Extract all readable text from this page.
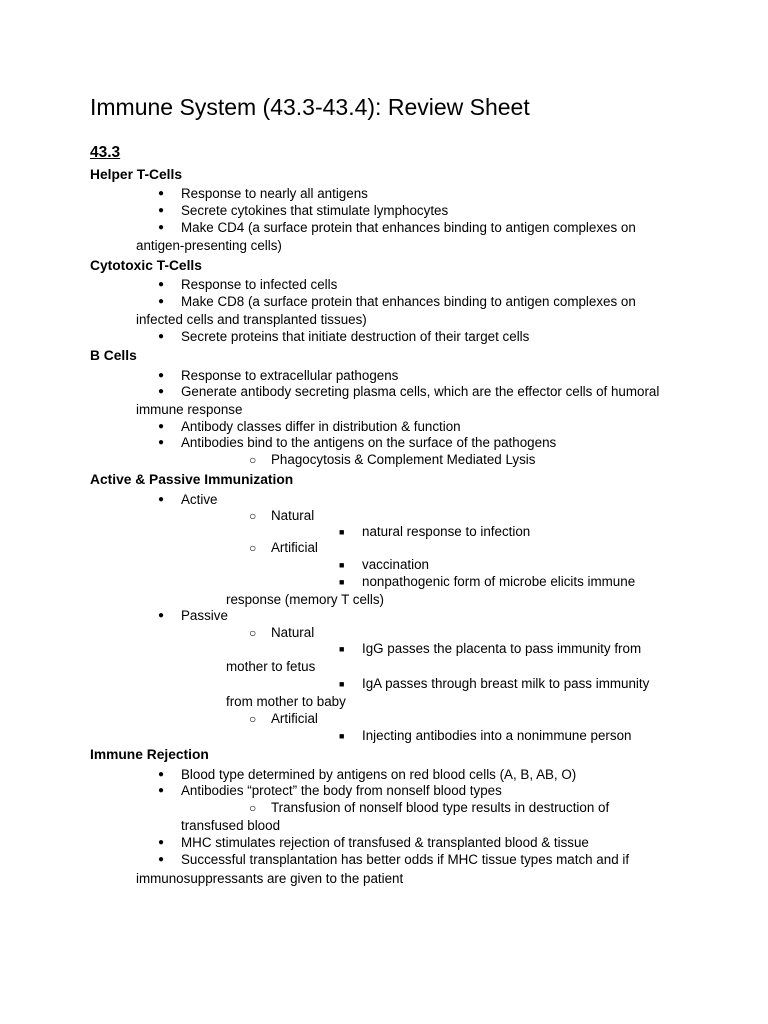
Immune System (43.3-43.4): Review Sheet
43.3
Helper T-Cells
● Response to nearly all antigens
● Secrete cytokines that stimulate lymphocytes
● Make CD4 (a surface protein that enhances binding to antigen complexes on
antigen-presenting cells)
Cytotoxic T-Cells
● Response to infected cells
● Make CD8 (a surface protein that enhances binding to antigen complexes on
infected cells and transplanted tissues)
● Secrete proteins that initiate destruction of their target cells
B Cells
● Response to extracellular pathogens
● Generate antibody secreting plasma cells, which are the effector cells of humoral
immune response
● Antibody classes differ in distribution & function
● Antibodies bind to the antigens on the surface of the pathogens
○ Phagocytosis & Complement Mediated Lysis
Active & Passive Immunization
● Active
○ Natural
■ natural response to infection
○ Artificial
■ vaccination
■ nonpathogenic form of microbe elicits immune
response (memory T cells)
● Passive
○ Natural
■ IgG passes the placenta to pass immunity from
mother to fetus
■ IgA passes through breast milk to pass immunity
from mother to baby
○ Artificial
■ Injecting antibodies into a nonimmune person
Immune Rejection
● Blood type determined by antigens on red blood cells (A, B, AB, O)
● Antibodies “protect” the body from nonself blood types
○ Transfusion of nonself blood type results in destruction of
transfused blood
● MHC stimulates rejection of transfused & transplanted blood & tissue
● Successful transplantation has better odds if MHC tissue types match and if
immunosuppressants are given to the patient
